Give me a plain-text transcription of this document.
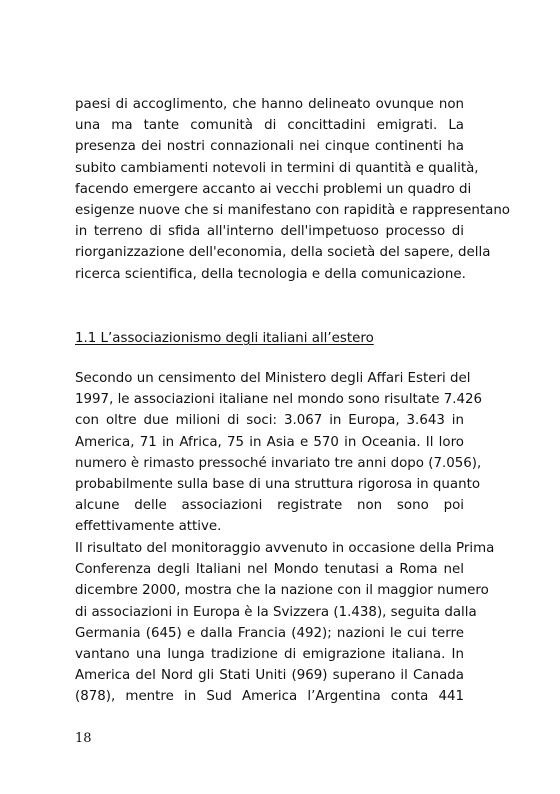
paesi di accoglimento, che hanno delineato ovunque non
una ma tante comunità di concittadini emigrati. La
presenza dei nostri connazionali nei cinque continenti ha
subito cambiamenti notevoli in termini di quantità e qualità,
facendo emergere accanto ai vecchi problemi un quadro di
esigenze nuove che si manifestano con rapidità e rappresentano
in terreno di sfida all'interno dell'impetuoso processo di
riorganizzazione dell'economia, della società del sapere, della
ricerca scientifica, della tecnologia e della comunicazione.

1.1 L’associazionismo degli italiani all’estero

Secondo un censimento del Ministero degli Affari Esteri del
1997, le associazioni italiane nel mondo sono risultate 7.426
con oltre due milioni di soci: 3.067 in Europa, 3.643 in
America, 71 in Africa, 75 in Asia e 570 in Oceania. Il loro
numero è rimasto pressoché invariato tre anni dopo (7.056),
probabilmente sulla base di una struttura rigorosa in quanto
alcune delle associazioni registrate non sono poi
effettivamente attive.
Il risultato del monitoraggio avvenuto in occasione della Prima
Conferenza degli Italiani nel Mondo tenutasi a Roma nel
dicembre 2000, mostra che la nazione con il maggior numero
di associazioni in Europa è la Svizzera (1.438), seguita dalla
Germania (645) e dalla Francia (492); nazioni le cui terre
vantano una lunga tradizione di emigrazione italiana. In
America del Nord gli Stati Uniti (969) superano il Canada
(878), mentre in Sud America l’Argentina conta 441
18
